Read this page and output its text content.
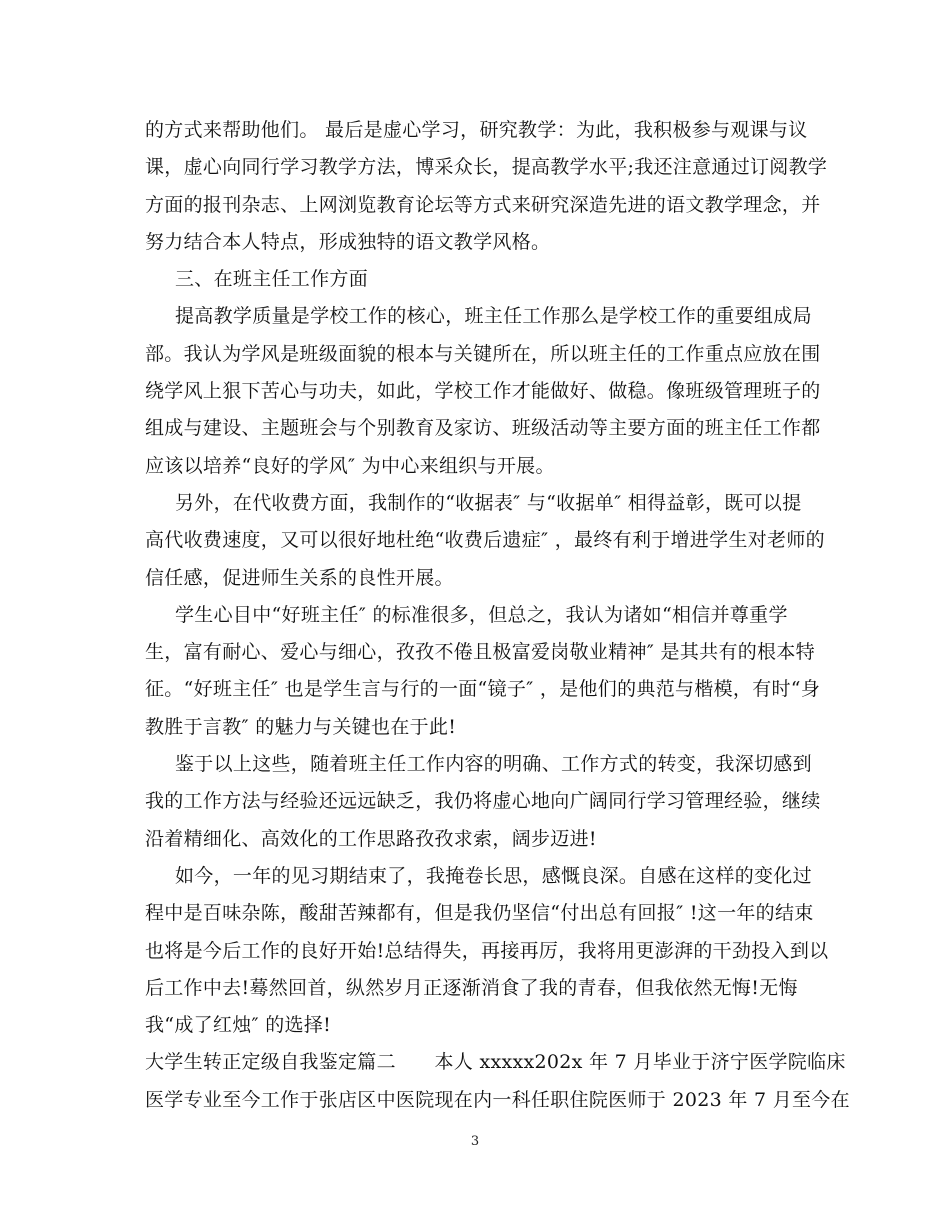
的方式来帮助他们。 最后是虚心学习，研究教学：为此，我积极参与观课与议
课，虚心向同行学习教学方法，博采众长，提高教学水平;我还注意通过订阅教学
方面的报刊杂志、上网浏览教育论坛等方式来研究深造先进的语文教学理念，并
努力结合本人特点，形成独特的语文教学风格。
三、在班主任工作方面
提高教学质量是学校工作的核心，班主任工作那么是学校工作的重要组成局
部。我认为学风是班级面貌的根本与关键所在，所以班主任的工作重点应放在围
绕学风上狠下苦心与功夫，如此，学校工作才能做好、做稳。像班级管理班子的
组成与建设、主题班会与个别教育及家访、班级活动等主要方面的班主任工作都
应该以培养“良好的学风″ 为中心来组织与开展。
另外，在代收费方面，我制作的“收据表″ 与“收据单″ 相得益彰，既可以提
高代收费速度，又可以很好地杜绝“收费后遗症″ ，最终有利于增进学生对老师的
信任感，促进师生关系的良性开展。
学生心目中“好班主任″ 的标准很多，但总之，我认为诸如“相信并尊重学
生，富有耐心、爱心与细心，孜孜不倦且极富爱岗敬业精神″ 是其共有的根本特
征。“好班主任″ 也是学生言与行的一面“镜子″ ，是他们的典范与楷模，有时“身
教胜于言教″ 的魅力与关键也在于此!
鉴于以上这些，随着班主任工作内容的明确、工作方式的转变，我深切感到
我的工作方法与经验还远远缺乏，我仍将虚心地向广阔同行学习管理经验，继续
沿着精细化、高效化的工作思路孜孜求索，阔步迈进!
如今，一年的见习期结束了，我掩卷长思，感慨良深。自感在这样的变化过
程中是百味杂陈，酸甜苦辣都有，但是我仍坚信“付出总有回报″ !这一年的结束
也将是今后工作的良好开始!总结得失，再接再厉，我将用更澎湃的干劲投入到以
后工作中去!蓦然回首，纵然岁月正逐渐消食了我的青春，但我依然无悔!无悔
我“成了红烛″ 的选择!
大学生转正定级自我鉴定篇二　　本人 xxxxx202x 年 7 月毕业于济宁医学院临床
医学专业至今工作于张店区中医院现在内一科任职住院医师于 2023 年 7 月至今在
3
